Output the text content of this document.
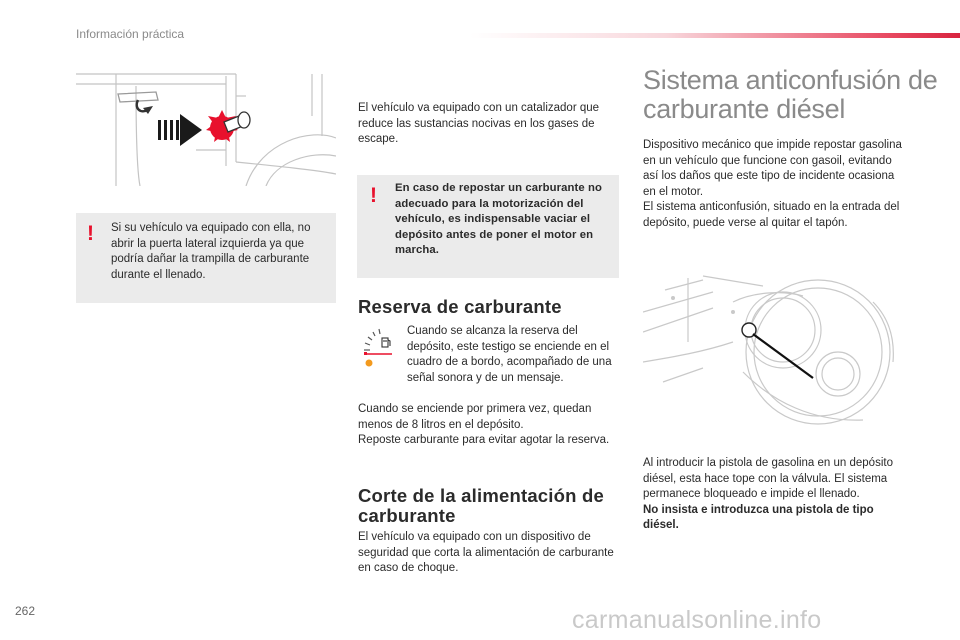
Información práctica
! Si su vehículo va equipado con ella, no abrir la puerta lateral izquierda ya que podría dañar la trampilla de carburante durante el llenado.
El vehículo va equipado con un catalizador que reduce las sustancias nocivas en los gases de escape.
! En caso de repostar un carburante no adecuado para la motorización del vehículo, es indispensable vaciar el depósito antes de poner el motor en marcha.
Reserva de carburante
Cuando se alcanza la reserva del depósito, este testigo se enciende en el cuadro de a bordo, acompañado de una señal sonora y de un mensaje.
Cuando se enciende por primera vez, quedan menos de 8 litros en el depósito.
Reposte carburante para evitar agotar la reserva.
Corte de la alimentación de carburante
El vehículo va equipado con un dispositivo de seguridad que corta la alimentación de carburante en caso de choque.
Sistema anticonfusión de carburante diésel
Dispositivo mecánico que impide repostar gasolina en un vehículo que funcione con gasoil, evitando así los daños que este tipo de incidente ocasiona en el motor.
El sistema anticonfusión, situado en la entrada del depósito, puede verse al quitar el tapón.
Al introducir la pistola de gasolina en un depósito diésel, esta hace tope con la válvula. El sistema permanece bloqueado e impide el llenado.
No insista e introduzca una pistola de tipo diésel.
262	carmanualsonline.info
